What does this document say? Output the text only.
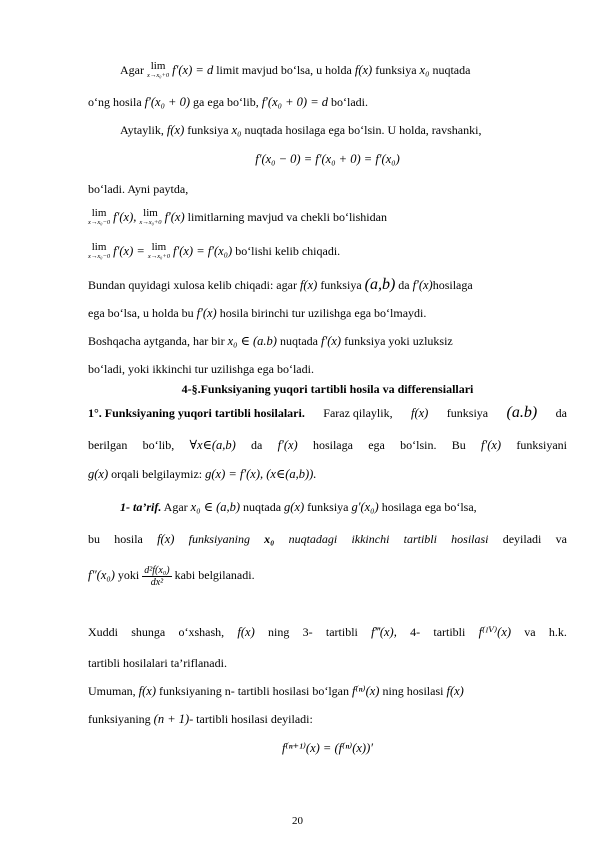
Agar lim
x→x₀+0 f′(x) = d limit mavjud bo‘lsa, u holda f(x) funksiya x₀ nuqtada
o‘ng hosila f′(x₀ + 0) ga ega bo‘lib, f′(x₀ + 0) = d bo‘ladi.
Aytaylik, f(x) funksiya x₀ nuqtada hosilaga ega bo‘lsin. U holda, ravshanki,
f′(x₀ − 0) = f′(x₀ + 0) = f′(x₀)
bo‘ladi. Ayni paytda,
lim
x→x₀−0 f′(x), lim
x→x₀+0 f′(x) limitlarning mavjud va chekli bo‘lishidan
lim
x→x₀−0 f′(x) = lim
x→x₀+0 f′(x) = f′(x₀) bo‘lishi kelib chiqadi.
Bundan quyidagi xulosa kelib chiqadi: agar f(x) funksiya (a,b) da f′(x)hosilaga
ega bo‘lsa, u holda bu f′(x) hosila birinchi tur uzilishga ega bo‘lmaydi.
Boshqacha aytganda, har bir x₀ ∈ (a.b) nuqtada f′(x) funksiya yoki uzluksiz
bo‘ladi, yoki ikkinchi tur uzilishga ega bo‘ladi.
4-§.Funksiyaning yuqori tartibli hosila va differensiallari
1°. Funksiyaning yuqori tartibli hosilalari. Faraz qilaylik, f(x) funksiya (a.b) da
berilgan bo‘lib, ∀x∈(a,b) da f′(x) hosilaga ega bo‘lsin. Bu f′(x) funksiyani
g(x) orqali belgilaymiz: g(x) = f′(x), (x∈(a,b)).
1- ta’rif. Agar x₀ ∈ (a,b) nuqtada g(x) funksiya g′(x₀) hosilaga ega bo‘lsa,
bu hosila f(x) funksiyaning x₀ nuqtadagi ikkinchi tartibli hosilasi deyiladi va
f″(x₀) yoki $\frac{\text{d²f(x₀)}}{\text{dx²}}$ kabi belgilanadi.
Xuddi shunga o‘xshash, f(x) ning 3- tartibli f‴(x), 4- tartibli f⁽ᴵⱽ⁾(x) va h.k.
tartibli hosilalari ta’riflanadi.
Umuman, f(x) funksiyaning n- tartibli hosilasi bo‘lgan f⁽ⁿ⁾(x) ning hosilasi f(x)
funksiyaning (n + 1)- tartibli hosilasi deyiladi:
f⁽ⁿ⁺¹⁾(x) = (f⁽ⁿ⁾(x))′
20
